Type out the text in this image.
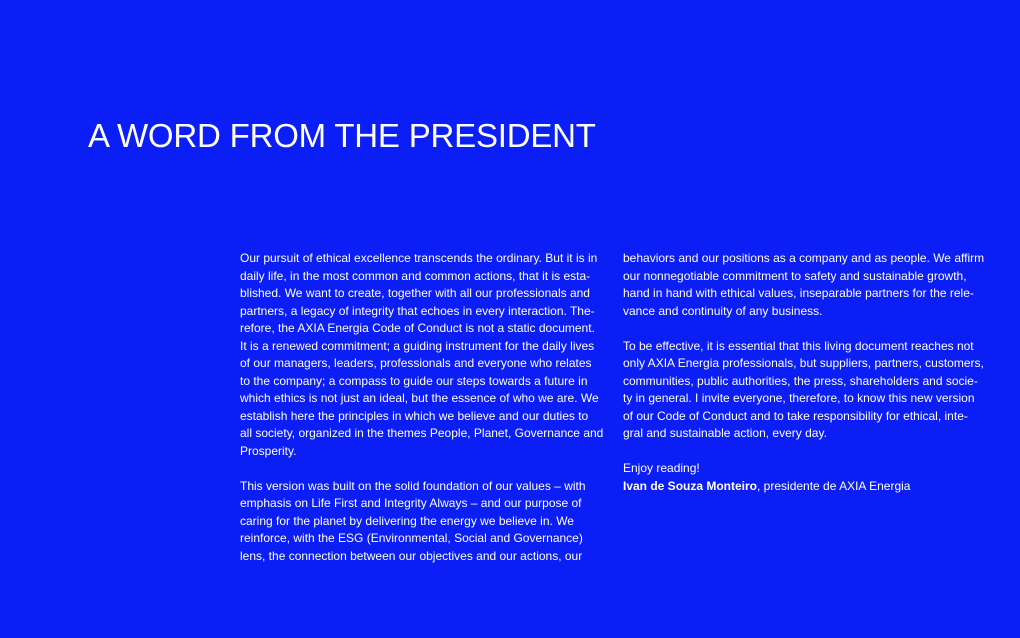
A WORD FROM THE PRESIDENT

Our pursuit of ethical excellence transcends the ordinary. But it is in

daily life, in the most common and common actions, that it is esta-

blished. We want to create, together with all our professionals and

partners, a legacy of integrity that echoes in every interaction. The-

refore, the AXIA Energia Code of Conduct is not a static document.

It is a renewed commitment; a guiding instrument for the daily lives

of our managers, leaders, professionals and everyone who relates

to the company; a compass to guide our steps towards a future in

which ethics is not just an ideal, but the essence of who we are. We

establish here the principles in which we believe and our duties to

all society, organized in the themes People, Planet, Governance and

Prosperity.

This version was built on the solid foundation of our values – with

emphasis on Life First and Integrity Always – and our purpose of

caring for the planet by delivering the energy we believe in. We

reinforce, with the ESG (Environmental, Social and Governance)

lens, the connection between our objectives and our actions, our

behaviors and our positions as a company and as people. We affirm

our nonnegotiable commitment to safety and sustainable growth,

hand in hand with ethical values, inseparable partners for the rele-

vance and continuity of any business.

To be effective, it is essential that this living document reaches not

only AXIA Energia professionals, but suppliers, partners, customers,

communities, public authorities, the press, shareholders and socie-

ty in general. I invite everyone, therefore, to know this new version

of our Code of Conduct and to take responsibility for ethical, inte-

gral and sustainable action, every day.

Enjoy reading!

Ivan de Souza Monteiro, presidente de AXIA Energia
